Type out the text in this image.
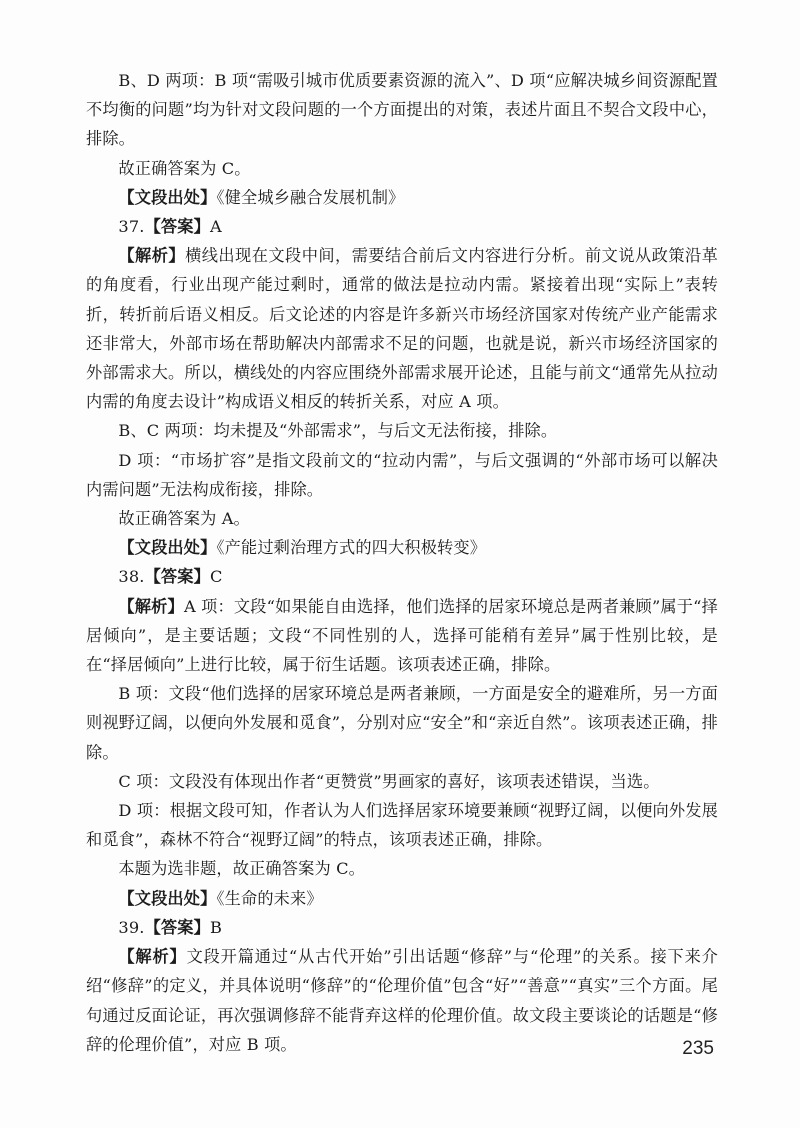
B、D 两项：B 项“需吸引城市优质要素资源的流入”、D 项“应解决城乡间资源配置不均衡的问题”均为针对文段问题的一个方面提出的对策，表述片面且不契合文段中心，排除。

故正确答案为 C。

【文段出处】《健全城乡融合发展机制》

37.【答案】A

【解析】横线出现在文段中间，需要结合前后文内容进行分析。前文说从政策沿革的角度看，行业出现产能过剩时，通常的做法是拉动内需。紧接着出现“实际上”表转折，转折前后语义相反。后文论述的内容是许多新兴市场经济国家对传统产业产能需求还非常大，外部市场在帮助解决内部需求不足的问题，也就是说，新兴市场经济国家的外部需求大。所以，横线处的内容应围绕外部需求展开论述，且能与前文“通常先从拉动内需的角度去设计”构成语义相反的转折关系，对应 A 项。

B、C 两项：均未提及“外部需求”，与后文无法衔接，排除。

D 项：“市场扩容”是指文段前文的“拉动内需”，与后文强调的“外部市场可以解决内需问题”无法构成衔接，排除。

故正确答案为 A。

【文段出处】《产能过剩治理方式的四大积极转变》

38.【答案】C

【解析】A 项：文段“如果能自由选择，他们选择的居家环境总是两者兼顾”属于“择居倾向”，是主要话题；文段“不同性别的人，选择可能稍有差异”属于性别比较，是在“择居倾向”上进行比较，属于衍生话题。该项表述正确，排除。

B 项：文段“他们选择的居家环境总是两者兼顾，一方面是安全的避难所，另一方面则视野辽阔，以便向外发展和觅食”，分别对应“安全”和“亲近自然”。该项表述正确，排除。

C 项：文段没有体现出作者“更赞赏”男画家的喜好，该项表述错误，当选。

D 项：根据文段可知，作者认为人们选择居家环境要兼顾“视野辽阔，以便向外发展和觅食”，森林不符合“视野辽阔”的特点，该项表述正确，排除。

本题为选非题，故正确答案为 C。

【文段出处】《生命的未来》

39.【答案】B

【解析】文段开篇通过“从古代开始”引出话题“修辞”与“伦理”的关系。接下来介绍“修辞”的定义，并具体说明“修辞”的“伦理价值”包含“好”“善意”“真实”三个方面。尾句通过反面论证，再次强调修辞不能背弃这样的伦理价值。故文段主要谈论的话题是“修辞的伦理价值”，对应 B 项。	235
